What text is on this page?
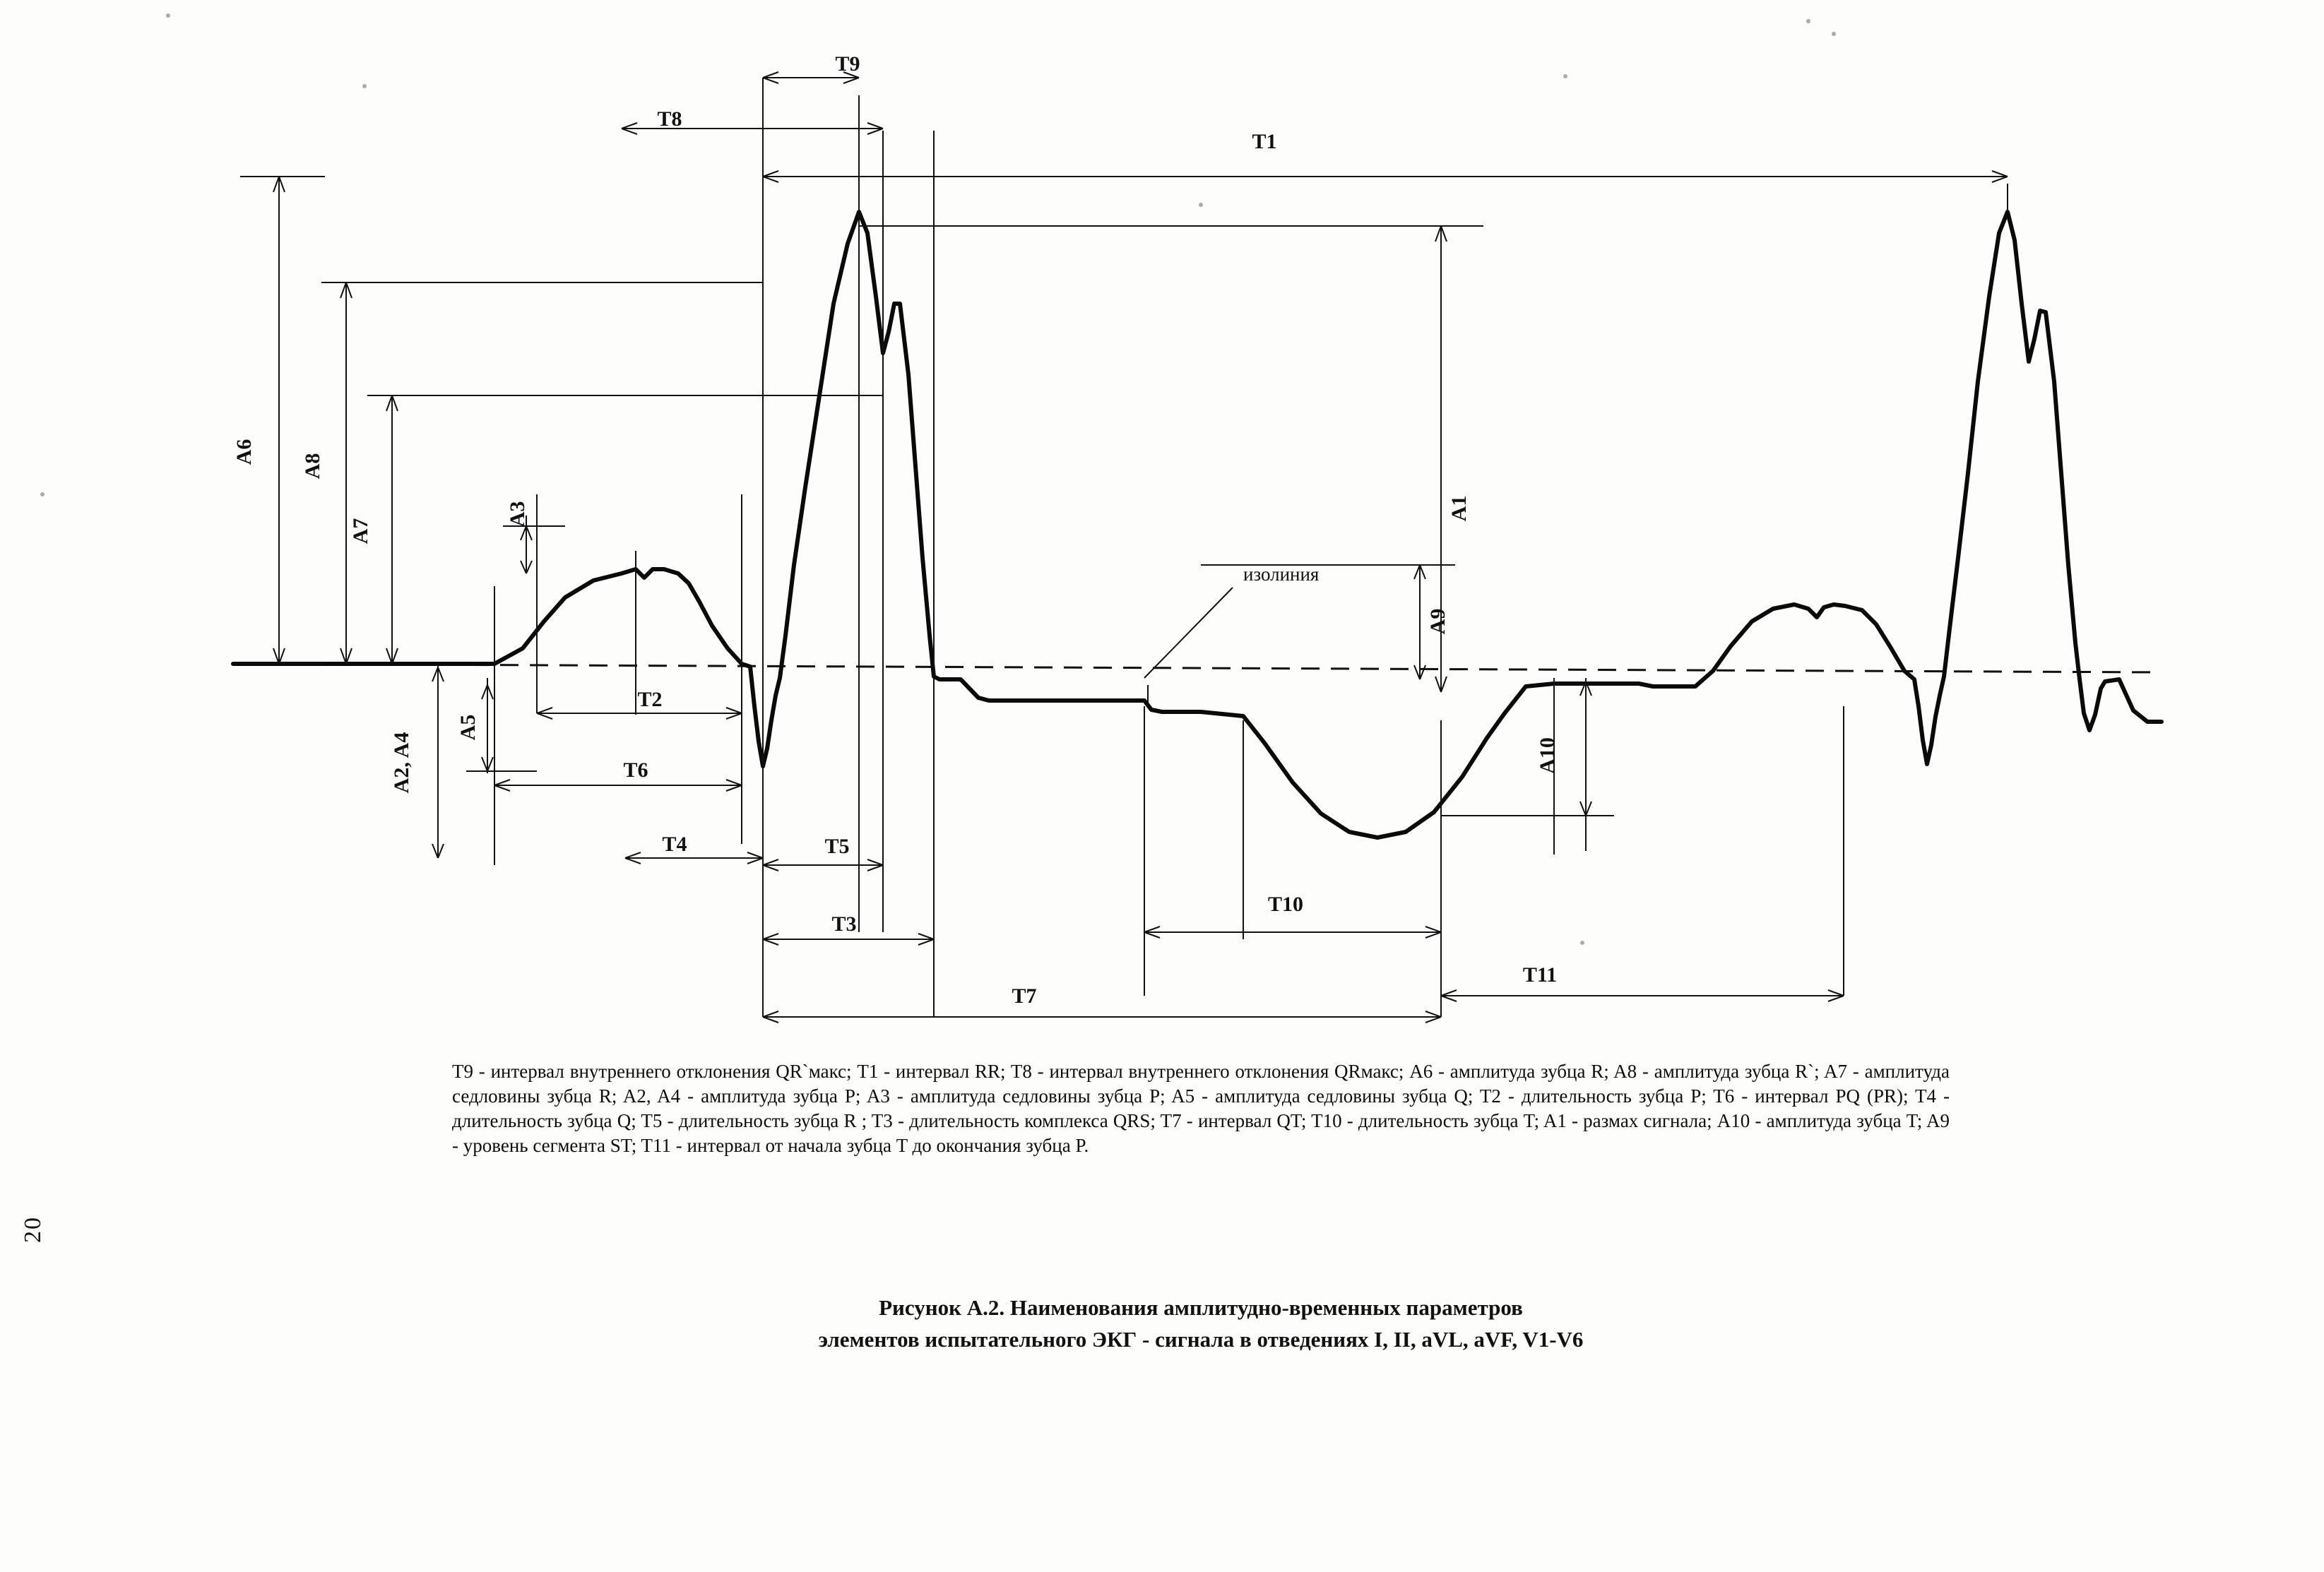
T9
T8
T1
A6
A8
A7
A3	A1
A9
A10
A5
A2, A4
T2
T6
T4	T5
T3
T7
T10
T11
изолиния

T9 - интервал внутреннего отклонения QR`макс; T1 - интервал RR; T8 - интервал внутреннего отклонения QRмакс; A6 - амплитуда зубца R; A8 - амплитуда зубца R`; A7 - амплитуда седловины зубца R; A2, A4 - амплитуда зубца P; A3 - амплитуда седловины зубца P; A5 - амплитуда седловины зубца Q; T2 - длительность зубца P; T6 - интервал PQ (PR); T4 - длительность зубца Q; T5 - длительность зубца R ; T3 - длительность комплекса QRS; T7 - интервал QT; T10 - длительность зубца T; A1 - размах сигнала; A10 - амплитуда зубца T; A9 - уровень сегмента ST; T11 - интервал от начала зубца T до окончания зубца P.

Рисунок А.2. Наименования амплитудно-временных параметров
элементов испытательного ЭКГ - сигнала в отведениях I, II, aVL, aVF, V1-V6
20
